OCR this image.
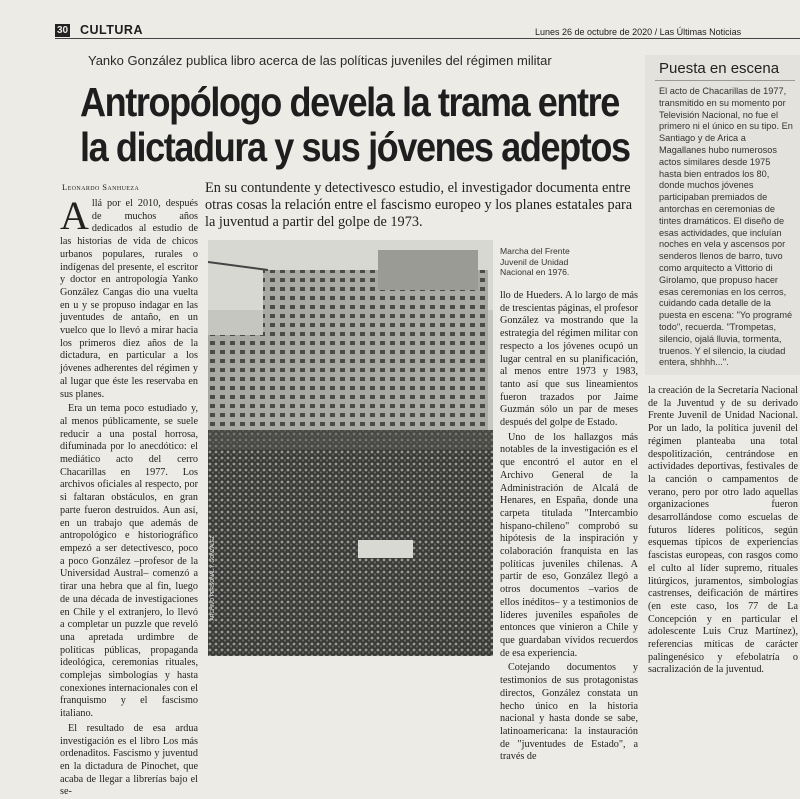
30 CULTURA	Lunes 26 de octubre de 2020 / Las Últimas Noticias
Yanko González publica libro acerca de las políticas juveniles del régimen militar
Antropólogo devela la trama entre
la dictadura y sus jóvenes adeptos
Puesta en escena
El acto de Chacarillas de 1977, transmitido en su momento por Televisión Nacional, no fue el primero ni el único en su tipo. En Santiago y de Arica a Magallanes hubo numerosos actos similares desde 1975 hasta bien entrados los 80, donde muchos jóvenes participaban premiados de antorchas en ceremonias de tintes dramáticos. El diseño de esas actividades, que incluían noches en vela y ascensos por senderos llenos de barro, tuvo como arquitecto a Vittorio di Girolamo, que propuso hacer esas ceremonias en los cerros, cuidando cada detalle de la puesta en escena: "Yo programé todo", recuerda. "Trompetas, silencio, ojalá lluvia, tormenta, truenos. Y el silencio, la ciudad entera, shhhh...".
Leonardo Sanhueza	En su contundente y detectivesco estudio, el investigador documenta entre otras cosas la relación entre el fascismo europeo y los planes estatales para la juventud a partir del golpe de 1973.
A llá por el 2010, después de muchos años dedicados al estudio de las historias de vida de chicos urbanos populares, rurales o indígenas del presente, el escritor y doctor en antropología Yanko González Cangas dio una vuelta en u y se propuso indagar en las juventudes de antaño, en un vuelco que lo llevó a mirar hacia los primeros diez años de la dictadura, en particular a los jóvenes adherentes del régimen y al lugar que éste les reservaba en sus planes.

Era un tema poco estudiado y, al menos públicamente, se suele reducir a una postal horrosa, difuminada por lo anecdótico: el mediático acto del cerro Chacarillas en 1977. Los archivos oficiales al respecto, por si faltaran obstáculos, en gran parte fueron destruidos. Aun así, en un trabajo que además de antropológico e historiográfico empezó a ser detectivesco, poco a poco González –profesor de la Universidad Austral– comenzó a tirar una hebra que al fin, luego de una década de investigaciones en Chile y el extranjero, lo llevó a completar un puzzle que reveló una apretada urdimbre de políticas públicas, propaganda ideológica, ceremonias rituales, complejas simbologías y hasta conexiones internacionales con el franquismo y el fascismo italiano.

El resultado de esa ardua investigación es el libro Los más ordenaditos. Fascismo y juventud en la dictadura de Pinochet, que acaba de llegar a librerías bajo el se-

ARCHIVO PERSONAL Y. GONZÁLEZ
Marcha del Frente Juvenil de Unidad Nacional en 1976.

llo de Hueders. A lo largo de más de trescientas páginas, el profesor González va mostrando que la estrategia del régimen militar con respecto a los jóvenes ocupó un lugar central en su planificación, al menos entre 1973 y 1983, tanto así que sus lineamientos fueron trazados por Jaime Guzmán sólo un par de meses después del golpe de Estado.

Uno de los hallazgos más notables de la investigación es el que encontró el autor en el Archivo General de la Administración de Alcalá de Henares, en España, donde una carpeta titulada "Intercambio hispano-chileno" comprobó su hipótesis de la inspiración y colaboración franquista en las políticas juveniles chilenas. A partir de eso, González llegó a otros documentos –varios de ellos inéditos– y a testimonios de líderes juveniles españoles de entonces que vinieron a Chile y que guardaban vívidos recuerdos de esa experiencia.

Cotejando documentos y testimonios de sus protagonistas directos, González constata un hecho único en la historia nacional y hasta donde se sabe, latinoamericana: la instauración de "juventudes de Estado", a través de

la creación de la Secretaría Nacional de la Juventud y de su derivado Frente Juvenil de Unidad Nacional. Por un lado, la política juvenil del régimen planteaba una total despolitización, centrándose en actividades deportivas, festivales de la canción o campamentos de verano, pero por otro lado aquellas organizaciones fueron desarrollándose como escuelas de futuros líderes políticos, según esquemas típicos de experiencias fascistas europeas, con rasgos como el culto al líder supremo, rituales litúrgicos, juramentos, simbologías castrenses, deificación de mártires (en este caso, los 77 de La Concepción y en particular el adolescente Luis Cruz Martínez), referencias míticas de carácter palingenésico y efebolatría o sacralización de la juventud.
